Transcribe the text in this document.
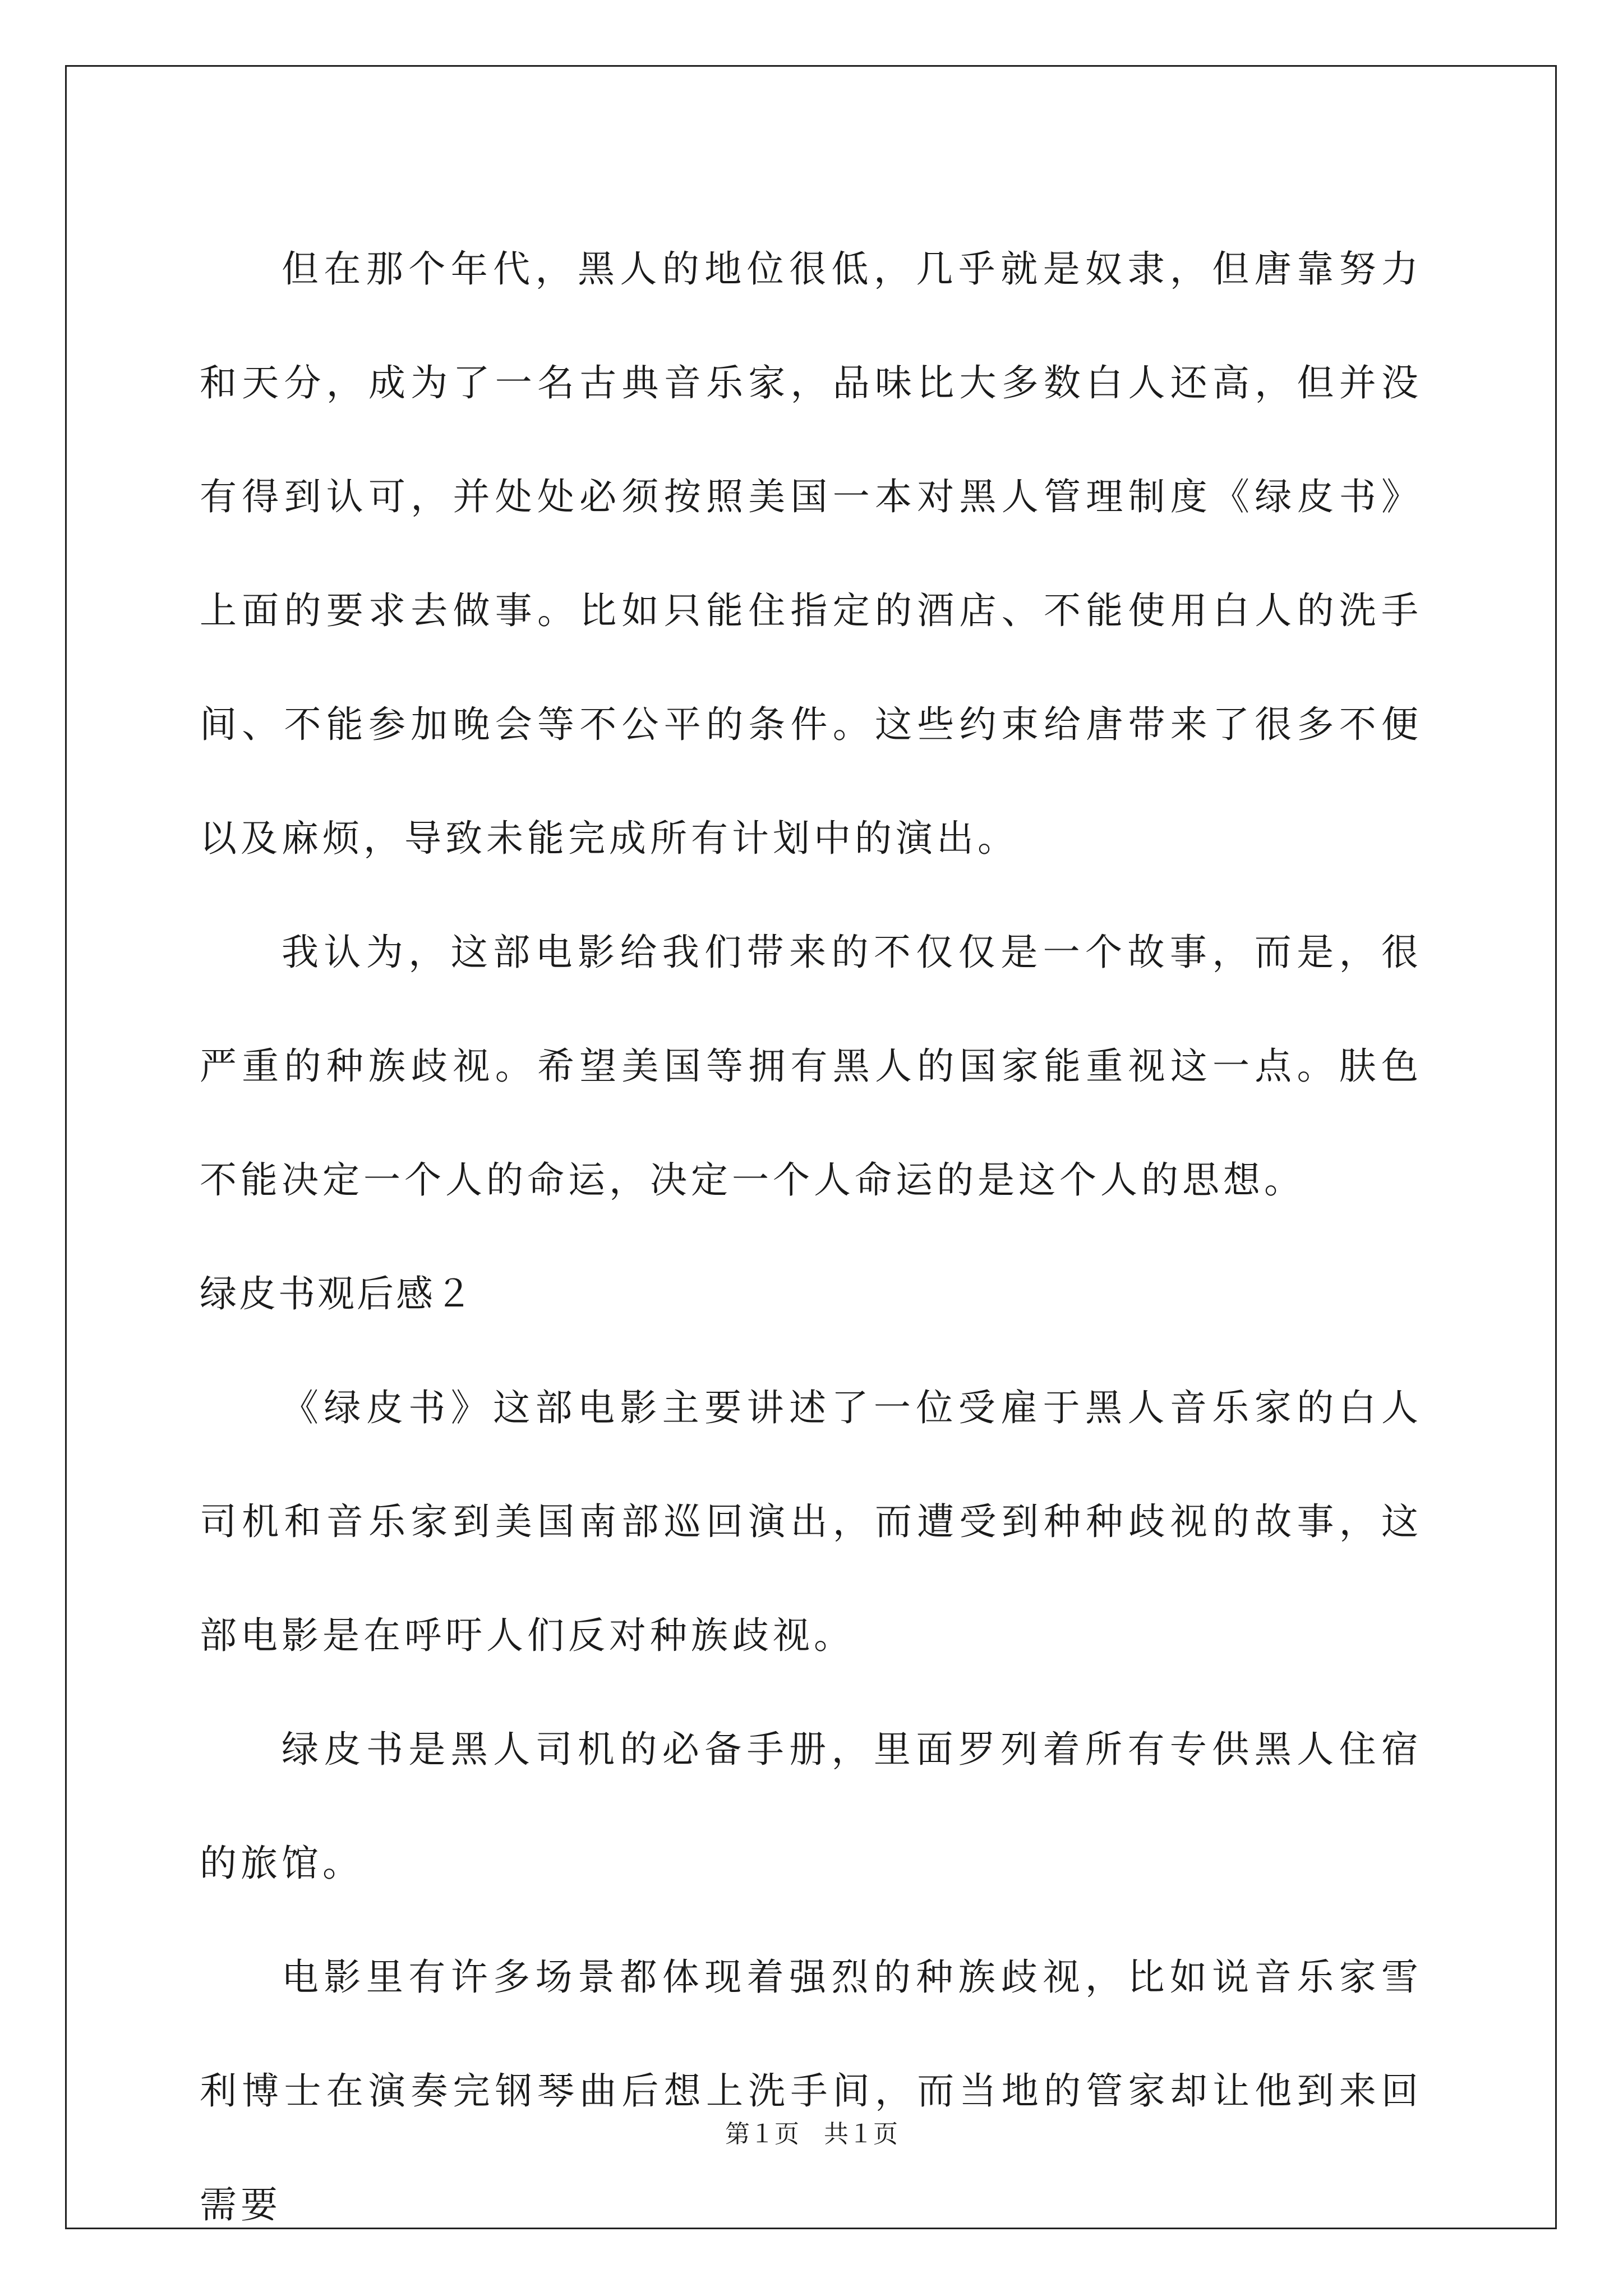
但在那个年代，黑人的地位很低，几乎就是奴隶，但唐靠努力和天分，成为了一名古典音乐家，品味比大多数白人还高，但并没有得到认可，并处处必须按照美国一本对黑人管理制度《绿皮书》上面的要求去做事。比如只能住指定的酒店、不能使用白人的洗手间、不能参加晚会等不公平的条件。这些约束给唐带来了很多不便以及麻烦，导致未能完成所有计划中的演出。

我认为，这部电影给我们带来的不仅仅是一个故事，而是，很严重的种族歧视。希望美国等拥有黑人的国家能重视这一点。肤色不能决定一个人的命运，决定一个人命运的是这个人的思想。

绿皮书观后感２

《绿皮书》这部电影主要讲述了一位受雇于黑人音乐家的白人司机和音乐家到美国南部巡回演出，而遭受到种种歧视的故事，这部电影是在呼吁人们反对种族歧视。

绿皮书是黑人司机的必备手册，里面罗列着所有专供黑人住宿的旅馆。

电影里有许多场景都体现着强烈的种族歧视，比如说音乐家雪利博士在演奏完钢琴曲后想上洗手间，而当地的管家却让他到来回需要

第１页　共１页
